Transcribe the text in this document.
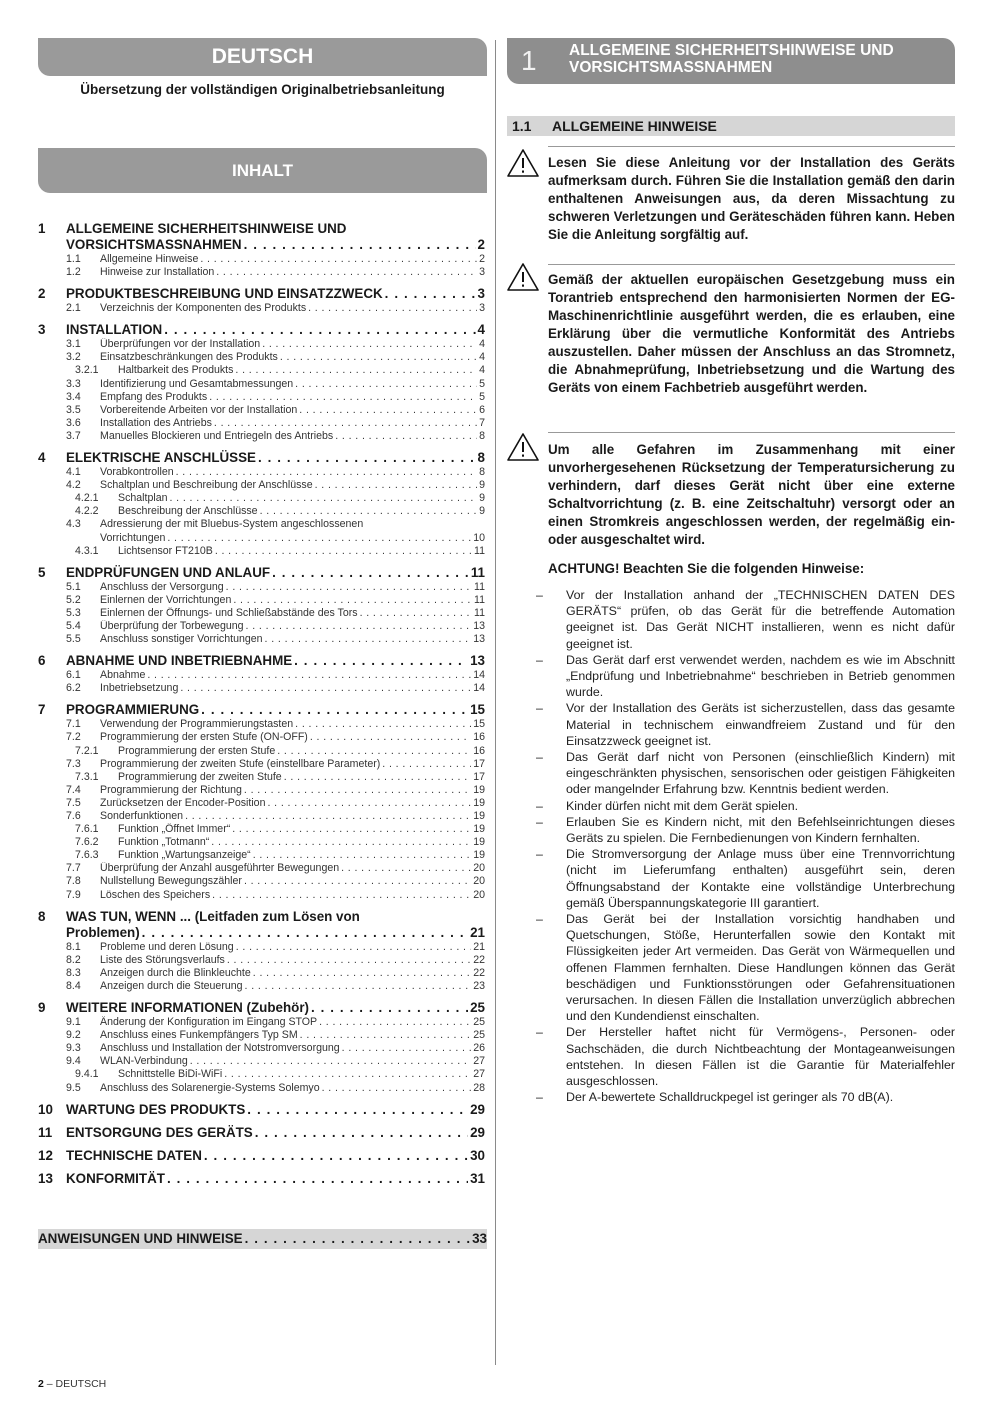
DEUTSCH
Übersetzung der vollständigen Originalbetriebsanleitung
INHALT
1	ALLGEMEINE SICHERHEITSHINWEISE UND
VORSICHTSMASSNAHMEN . . .	2
1.1 Allgemeine Hinweise . . .	2
1.2 Hinweise zur Installation . . .	3
2	PRODUKTBESCHREIBUNG UND EINSATZZWECK . . .	3
2.1 Verzeichnis der Komponenten des Produkts . . .	3
3	INSTALLATION . . .	4
3.1 Überprüfungen vor der Installation . . .	4
3.2 Einsatzbeschränkungen des Produkts . . .	4
3.2.1 Haltbarkeit des Produkts . . .	4
3.3 Identifizierung und Gesamtabmessungen . . .	5
3.4 Empfang des Produkts . . .	5
3.5 Vorbereitende Arbeiten vor der Installation . . .	6
3.6 Installation des Antriebs . . .	7
3.7 Manuelles Blockieren und Entriegeln des Antriebs . . .	8
4	ELEKTRISCHE ANSCHLÜSSE . . .	8
4.1 Vorabkontrollen . . .	8
4.2 Schaltplan und Beschreibung der Anschlüsse . . .	9
4.2.1 Schaltplan . . .	9
4.2.2 Beschreibung der Anschlüsse . . .	9
4.3 Adressierung der mit Bluebus-System angeschlossenen
Vorrichtungen . . .	10
4.3.1 Lichtsensor FT210B . . .	11
5	ENDPRÜFUNGEN UND ANLAUF . . .	11
5.1 Anschluss der Versorgung . . .	11
5.2 Einlernen der Vorrichtungen . . .	11
5.3 Einlernen der Öffnungs- und Schließabstände des Tors . . .	11
5.4 Überprüfung der Torbewegung . . .	13
5.5 Anschluss sonstiger Vorrichtungen . . .	13
6	ABNAHME UND INBETRIEBNAHME . . .	13
6.1 Abnahme . . .	14
6.2 Inbetriebsetzung . . .	14
7	PROGRAMMIERUNG . . .	15
7.1 Verwendung der Programmierungstasten . . .	15
7.2 Programmierung der ersten Stufe (ON-OFF) . . .	16
7.2.1 Programmierung der ersten Stufe . . .	16
7.3 Programmierung der zweiten Stufe (einstellbare Parameter) . . .	17
7.3.1 Programmierung der zweiten Stufe . . .	17
7.4 Programmierung der Richtung . . .	19
7.5 Zurücksetzen der Encoder-Position . . .	19
7.6 Sonderfunktionen . . .	19
7.6.1 Funktion „Öffnet Immer“ . . .	19
7.6.2 Funktion „Totmann“ . . .	19
7.6.3 Funktion „Wartungsanzeige“ . . .	19
7.7 Überprüfung der Anzahl ausgeführter Bewegungen . . .	20
7.8 Nullstellung Bewegungszähler . . .	20
7.9 Löschen des Speichers . . .	20
8	WAS TUN, WENN ... (Leitfaden zum Lösen von
Problemen) . . .	21
8.1 Probleme und deren Lösung . . .	21
8.2 Liste des Störungsverlaufs . . .	22
8.3 Anzeigen durch die Blinkleuchte . . .	22
8.4 Anzeigen durch die Steuerung . . .	23
9	WEITERE INFORMATIONEN (Zubehör) . . .	25
9.1 Änderung der Konfiguration im Eingang STOP . . .	25
9.2 Anschluss eines Funkempfängers Typ SM . . .	25
9.3 Anschluss und Installation der Notstromversorgung . . .	26
9.4 WLAN-Verbindung . . .	27
9.4.1 Schnittstelle BiDi-WiFi . . .	27
9.5 Anschluss des Solarenergie-Systems Solemyo . . .	28
10 WARTUNG DES PRODUKTS . . .	29
11	ENTSORGUNG DES GERÄTS . . .	29
12 TECHNISCHE DATEN . . .	30
13 KONFORMITÄT . . .	31
ANWEISUNGEN UND HINWEISE . . .	33
2 – DEUTSCH
1 ALLGEMEINE SICHERHEITSHINWEISE UND VORSICHTSMASSNAHMEN
1.1 ALLGEMEINE HINWEISE
Lesen Sie diese Anleitung vor der Installation des Geräts aufmerksam durch. Führen Sie die Installation gemäß den darin enthaltenen Anweisungen aus, da deren Missachtung zu schweren Verletzungen und Geräteschäden führen kann. Heben Sie die Anleitung sorgfältig auf.
Gemäß der aktuellen europäischen Gesetzgebung muss ein Torantrieb entsprechend den harmonisierten Normen der EG-Maschinenrichtlinie ausgeführt werden, die es erlauben, eine Erklärung über die vermutliche Konformität des Antriebs auszustellen. Daher müssen der Anschluss an das Stromnetz, die Abnahmeprüfung, Inbetriebsetzung und die Wartung des Geräts von einem Fachbetrieb ausgeführt werden.
Um alle Gefahren im Zusammenhang mit einer unvorhergesehenen Rücksetzung der Temperatursicherung zu verhindern, darf dieses Gerät nicht über eine externe Schaltvorrichtung (z. B. eine Zeitschaltuhr) versorgt oder an einen Stromkreis angeschlossen werden, der regelmäßig ein- oder ausgeschaltet wird.
ACHTUNG! Beachten Sie die folgenden Hinweise:
– Vor der Installation anhand der „TECHNISCHEN DATEN DES GERÄTS“ prüfen, ob das Gerät für die betreffende Automation geeignet ist. Das Gerät NICHT installieren, wenn es nicht dafür geeignet ist.
– Das Gerät darf erst verwendet werden, nachdem es wie im Abschnitt „Endprüfung und Inbetriebnahme“ beschrieben in Betrieb genommen wurde.
– Vor der Installation des Geräts ist sicherzustellen, dass das gesamte Material in technischem einwandfreiem Zustand und für den Einsatzzweck geeignet ist.
– Das Gerät darf nicht von Personen (einschließlich Kindern) mit eingeschränkten physischen, sensorischen oder geistigen Fähigkeiten oder mangelnder Erfahrung bzw. Kenntnis bedient werden.
– Kinder dürfen nicht mit dem Gerät spielen.
– Erlauben Sie es Kindern nicht, mit den Befehlseinrichtungen dieses Geräts zu spielen. Die Fernbedienungen von Kindern fernhalten.
– Die Stromversorgung der Anlage muss über eine Trennvorrichtung (nicht im Lieferumfang enthalten) ausgeführt sein, deren Öffnungsabstand der Kontakte eine vollständige Unterbrechung gemäß Überspannungskategorie III garantiert.
– Das Gerät bei der Installation vorsichtig handhaben und Quetschungen, Stöße, Herunterfallen sowie den Kontakt mit Flüssigkeiten jeder Art vermeiden. Das Gerät von Wärmequellen und offenen Flammen fernhalten. Diese Handlungen können das Gerät beschädigen und Funktionsstörungen oder Gefahrensituationen verursachen. In diesen Fällen die Installation unverzüglich abbrechen und den Kundendienst einschalten.
– Der Hersteller haftet nicht für Vermögens-, Personen- oder Sachschäden, die durch Nichtbeachtung der Montageanweisungen entstehen. In diesen Fällen ist die Garantie für Materialfehler ausgeschlossen.
– Der A-bewertete Schalldruckpegel ist geringer als 70 dB(A).
